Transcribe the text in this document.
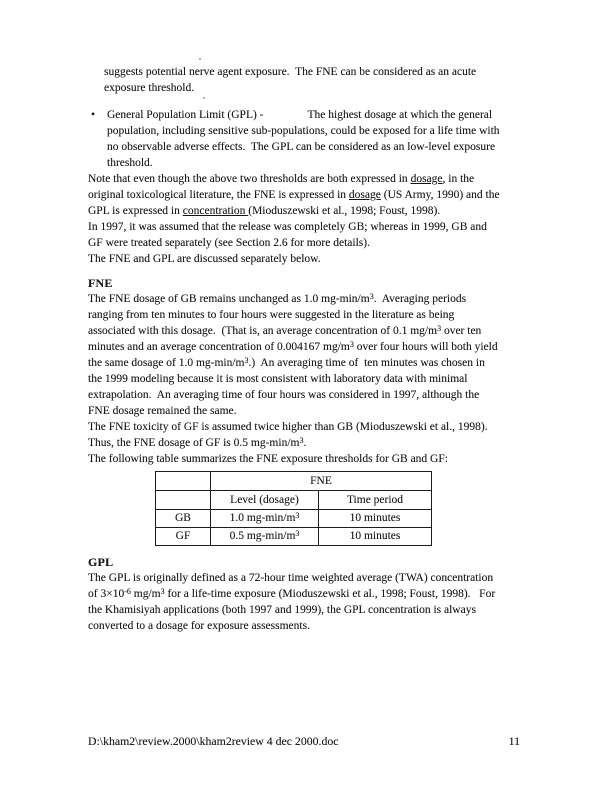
suggests potential nerve agent exposure.  The FNE can be considered as an acute
exposure threshold.
• General Population Limit (GPL) -	The highest dosage at which the general
population, including sensitive sub-populations, could be exposed for a life time with
no observable adverse effects.  The GPL can be considered as an low-level exposure
threshold.
Note that even though the above two thresholds are both expressed in dosage, in the
original toxicological literature, the FNE is expressed in dosage (US Army, 1990) and the
GPL is expressed in concentration (Mioduszewski et al., 1998; Foust, 1998).
In 1997, it was assumed that the release was completely GB; whereas in 1999, GB and
GF were treated separately (see Section 2.6 for more details).
The FNE and GPL are discussed separately below.
FNE
The FNE dosage of GB remains unchanged as 1.0 $mg-\min/m^3$.  Averaging periods
ranging from ten minutes to four hours were suggested in the literature as being
associated with this dosage.  (That is, an average concentration of 0.1 $mg/m^3$ over ten
minutes and an average concentration of 0.004167 $mg/m^3$ over four hours will both yield
the same dosage of 1.0 $mg-\min/m^3$.)  An averaging time of  ten minutes was chosen in
the 1999 modeling because it is most consistent with laboratory data with minimal
extrapolation.  An averaging time of four hours was considered in 1997, although the
FNE dosage remained the same.
The FNE toxicity of GF is assumed twice higher than GB (Mioduszewski et al., 1998).
Thus, the FNE dosage of GF is 0.5 $mg-\min/m^3$.
The following table summarizes the FNE exposure thresholds for GB and GF:
	FNE	
	Level (dosage)	Time period
GB	1.0 $mg-\min/m^3$	10 minutes
GF	0.5 $mg-\min/m^3$	10 minutes
GPL
The GPL is originally defined as a 72-hour time weighted average (TWA) concentration
of $3\times 10^{-6}$ $mg/m^3$ for a life-time exposure (Mioduszewski et al., 1998; Foust, 1998).   For
the Khamisiyah applications (both 1997 and 1999), the GPL concentration is always
converted to a dosage for exposure assessments.
D:\kham2\review.2000\kham2review 4 dec 2000.doc	11
